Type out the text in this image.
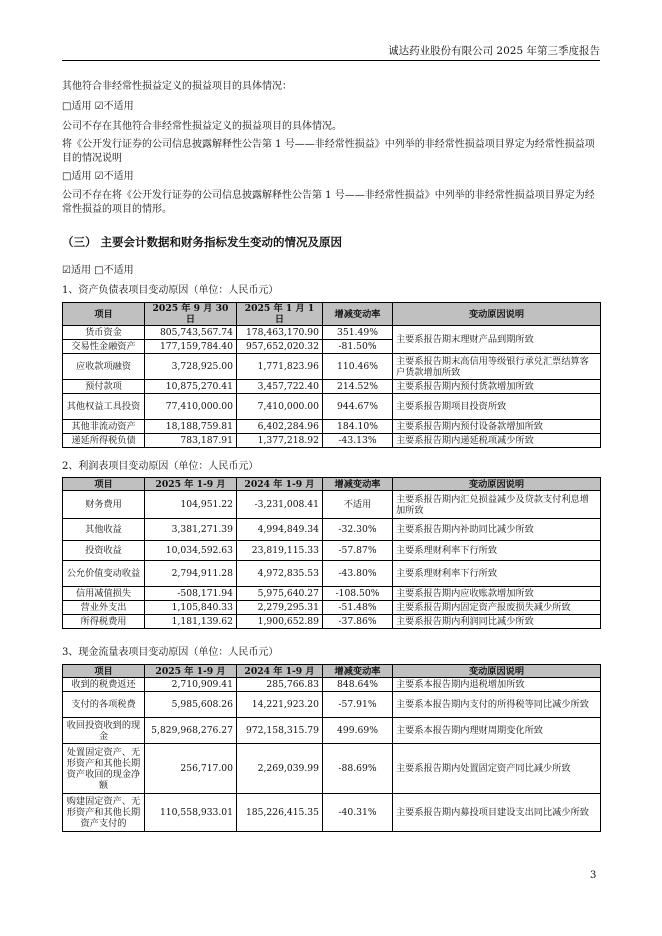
诚达药业股份有限公司 2025 年第三季度报告
其他符合非经常性损益定义的损益项目的具体情况：
□适用 ☑不适用
公司不存在其他符合非经常性损益定义的损益项目的具体情况。
将《公开发行证券的公司信息披露解释性公告第 1 号——非经常性损益》中列举的非经常性损益项目界定为经常性损益项目的情况说明
□适用 ☑不适用
公司不存在将《公开发行证券的公司信息披露解释性公告第 1 号——非经常性损益》中列举的非经常性损益项目界定为经常性损益的项目的情形。
（三） 主要会计数据和财务指标发生变动的情况及原因
☑适用 □不适用
1、资产负债表项目变动原因（单位：人民币元）
项目	2025 年 9 月 30 日	2025 年 1 月 1 日	增减变动率	变动原因说明
货币资金	805,743,567.74	178,463,170.90	351.49%	主要系报告期末理财产品到期所致
交易性金融资产	177,159,784.40	957,652,020.32	-81.50%	
应收款项融资	3,728,925.00	1,771,823.96	110.46%	主要系报告期末高信用等级银行承兑汇票结算客户货款增加所致
预付款项	10,875,270.41	3,457,722.40	214.52%	主要系报告期内预付货款增加所致
其他权益工具投资	77,410,000.00	7,410,000.00	944.67%	主要系报告期项目投资所致
其他非流动资产	18,188,759.81	6,402,284.96	184.10%	主要系报告期内预付设备款增加所致
递延所得税负债	783,187.91	1,377,218.92	-43.13%	主要系报告期内递延税项减少所致
2、利润表项目变动原因（单位：人民币元）
项目	2025 年 1-9 月	2024 年 1-9 月	增减变动率	变动原因说明
财务费用	104,951.22	-3,231,008.41	不适用	主要系报告期内汇兑损益减少及贷款支付利息增加所致
其他收益	3,381,271.39	4,994,849.34	-32.30%	主要系报告期内补助同比减少所致
投资收益	10,034,592.63	23,819,115.33	-57.87%	主要系理财利率下行所致
公允价值变动收益	2,794,911.28	4,972,835.53	-43.80%	主要系理财利率下行所致
信用减值损失	-508,171.94	5,975,640.27	-108.50%	主要系报告期内应收账款增加所致
营业外支出	1,105,840.33	2,279,295.31	-51.48%	主要系报告期内固定资产报废损失减少所致
所得税费用	1,181,139.62	1,900,652.89	-37.86%	主要系报告期内利润同比减少所致
3、现金流量表项目变动原因（单位：人民币元）
项目	2025 年 1-9 月	2024 年 1-9 月	增减变动率	变动原因说明
收到的税费返还	2,710,909.41	285,766.83	848.64%	主要系本报告期内退税增加所致
支付的各项税费	5,985,608.26	14,221,923.20	-57.91%	主要系本报告期内支付的所得税等同比减少所致
收回投资收到的现金	5,829,968,276.27	972,158,315.79	499.69%	主要系本报告期内理财周期变化所致
处置固定资产、无形资产和其他长期资产收回的现金净额	256,717.00	2,269,039.99	-88.69%	主要系报告期内处置固定资产同比减少所致
购建固定资产、无形资产和其他长期资产支付的	110,558,933.01	185,226,415.35	-40.31%	主要系报告期内募投项目建设支出同比减少所致
3
